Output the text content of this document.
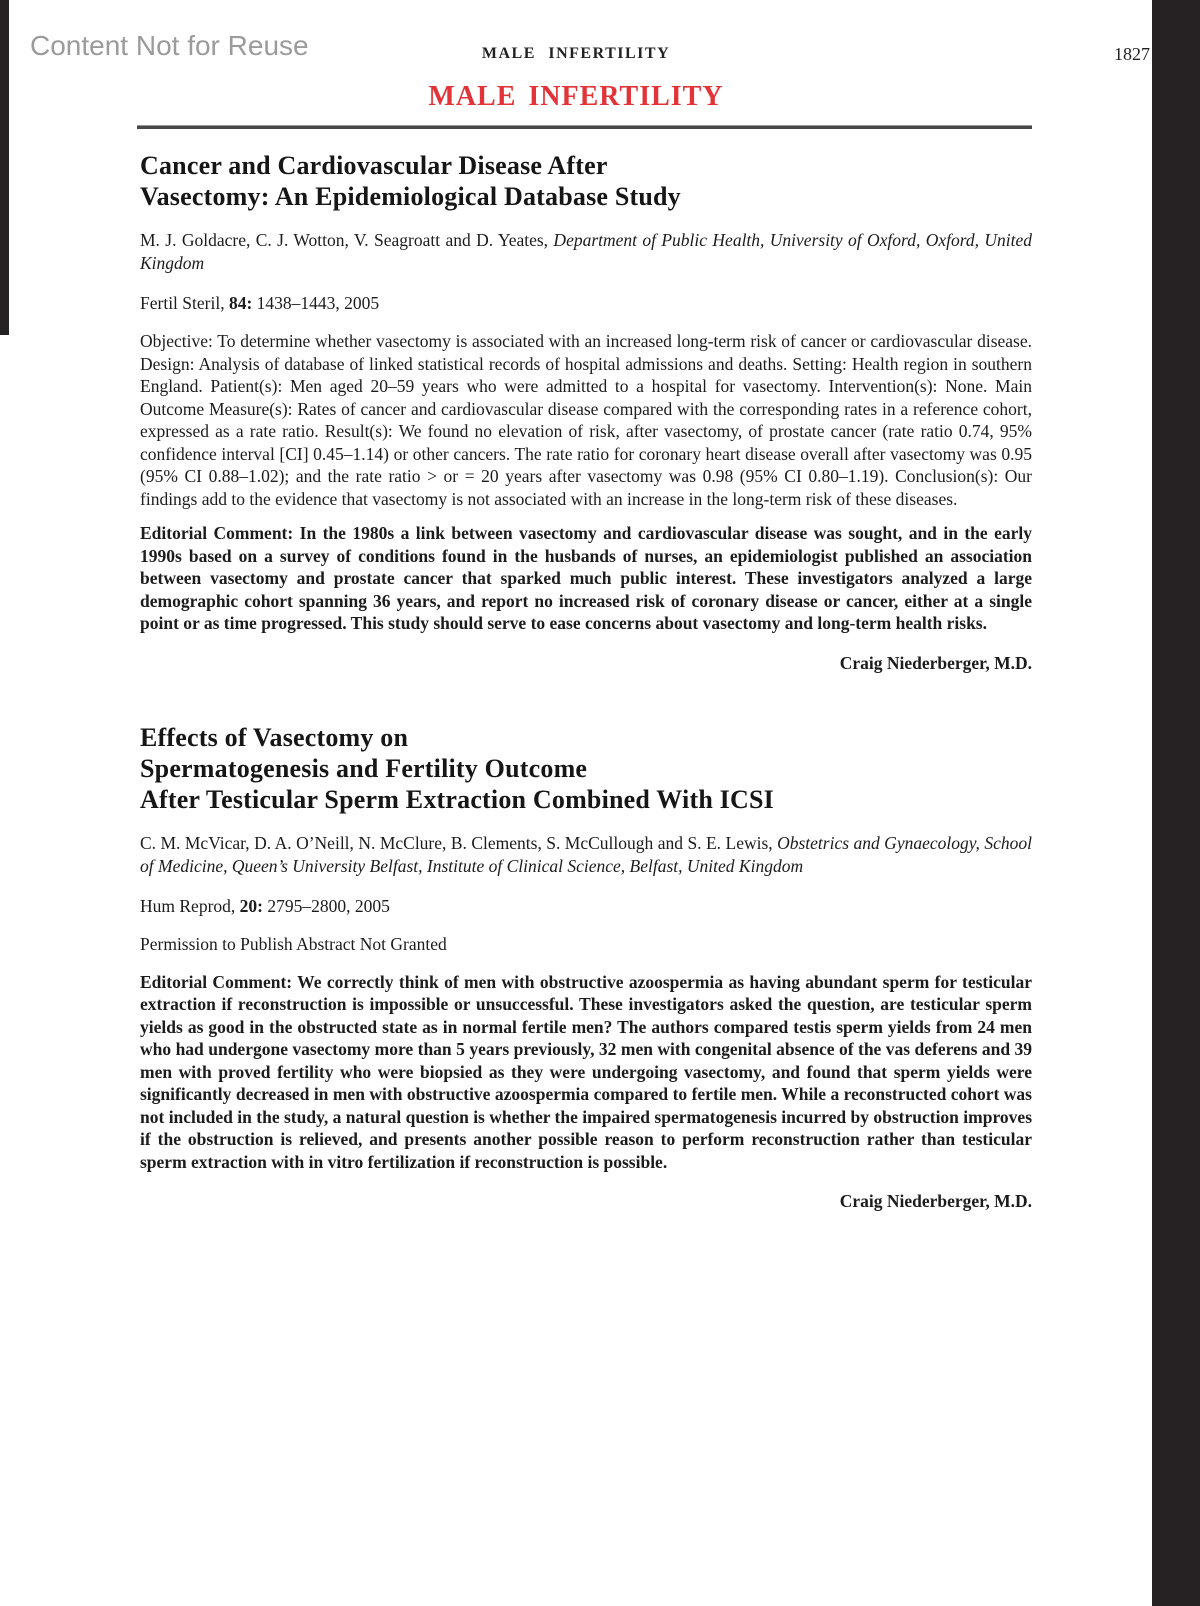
Content Not for Reuse	MALE INFERTILITY	1827
MALE INFERTILITY
Cancer and Cardiovascular Disease After
Vasectomy: An Epidemiological Database Study

M. J. Goldacre, C. J. Wotton, V. Seagroatt and D. Yeates, Department of Public Health, University of Oxford, Oxford, United Kingdom

Fertil Steril, 84: 1438–1443, 2005

Objective: To determine whether vasectomy is associated with an increased long-term risk of cancer or cardiovascular disease. Design: Analysis of database of linked statistical records of hospital admissions and deaths. Setting: Health region in southern England. Patient(s): Men aged 20–59 years who were admitted to a hospital for vasectomy. Intervention(s): None. Main Outcome Measure(s): Rates of cancer and cardiovascular disease compared with the corresponding rates in a reference cohort, expressed as a rate ratio. Result(s): We found no elevation of risk, after vasectomy, of prostate cancer (rate ratio 0.74, 95% confidence interval [CI] 0.45–1.14) or other cancers. The rate ratio for coronary heart disease overall after vasectomy was 0.95 (95% CI 0.88–1.02); and the rate ratio > or = 20 years after vasectomy was 0.98 (95% CI 0.80–1.19). Conclusion(s): Our findings add to the evidence that vasectomy is not associated with an increase in the long-term risk of these diseases.

Editorial Comment: In the 1980s a link between vasectomy and cardiovascular disease was sought, and in the early 1990s based on a survey of conditions found in the husbands of nurses, an epidemiologist published an association between vasectomy and prostate cancer that sparked much public interest. These investigators analyzed a large demographic cohort spanning 36 years, and report no increased risk of coronary disease or cancer, either at a single point or as time progressed. This study should serve to ease concerns about vasectomy and long-term health risks.

Craig Niederberger, M.D.

Effects of Vasectomy on
Spermatogenesis and Fertility Outcome
After Testicular Sperm Extraction Combined With ICSI

C. M. McVicar, D. A. O’Neill, N. McClure, B. Clements, S. McCullough and S. E. Lewis, Obstetrics and Gynaecology, School of Medicine, Queen’s University Belfast, Institute of Clinical Science, Belfast, United Kingdom

Hum Reprod, 20: 2795–2800, 2005

Permission to Publish Abstract Not Granted

Editorial Comment: We correctly think of men with obstructive azoospermia as having abundant sperm for testicular extraction if reconstruction is impossible or unsuccessful. These investigators asked the question, are testicular sperm yields as good in the obstructed state as in normal fertile men? The authors compared testis sperm yields from 24 men who had undergone vasectomy more than 5 years previously, 32 men with congenital absence of the vas deferens and 39 men with proved fertility who were biopsied as they were undergoing vasectomy, and found that sperm yields were significantly decreased in men with obstructive azoospermia compared to fertile men. While a reconstructed cohort was not included in the study, a natural question is whether the impaired spermatogenesis incurred by obstruction improves if the obstruction is relieved, and presents another possible reason to perform reconstruction rather than testicular sperm extraction with in vitro fertilization if reconstruction is possible.

Craig Niederberger, M.D.
